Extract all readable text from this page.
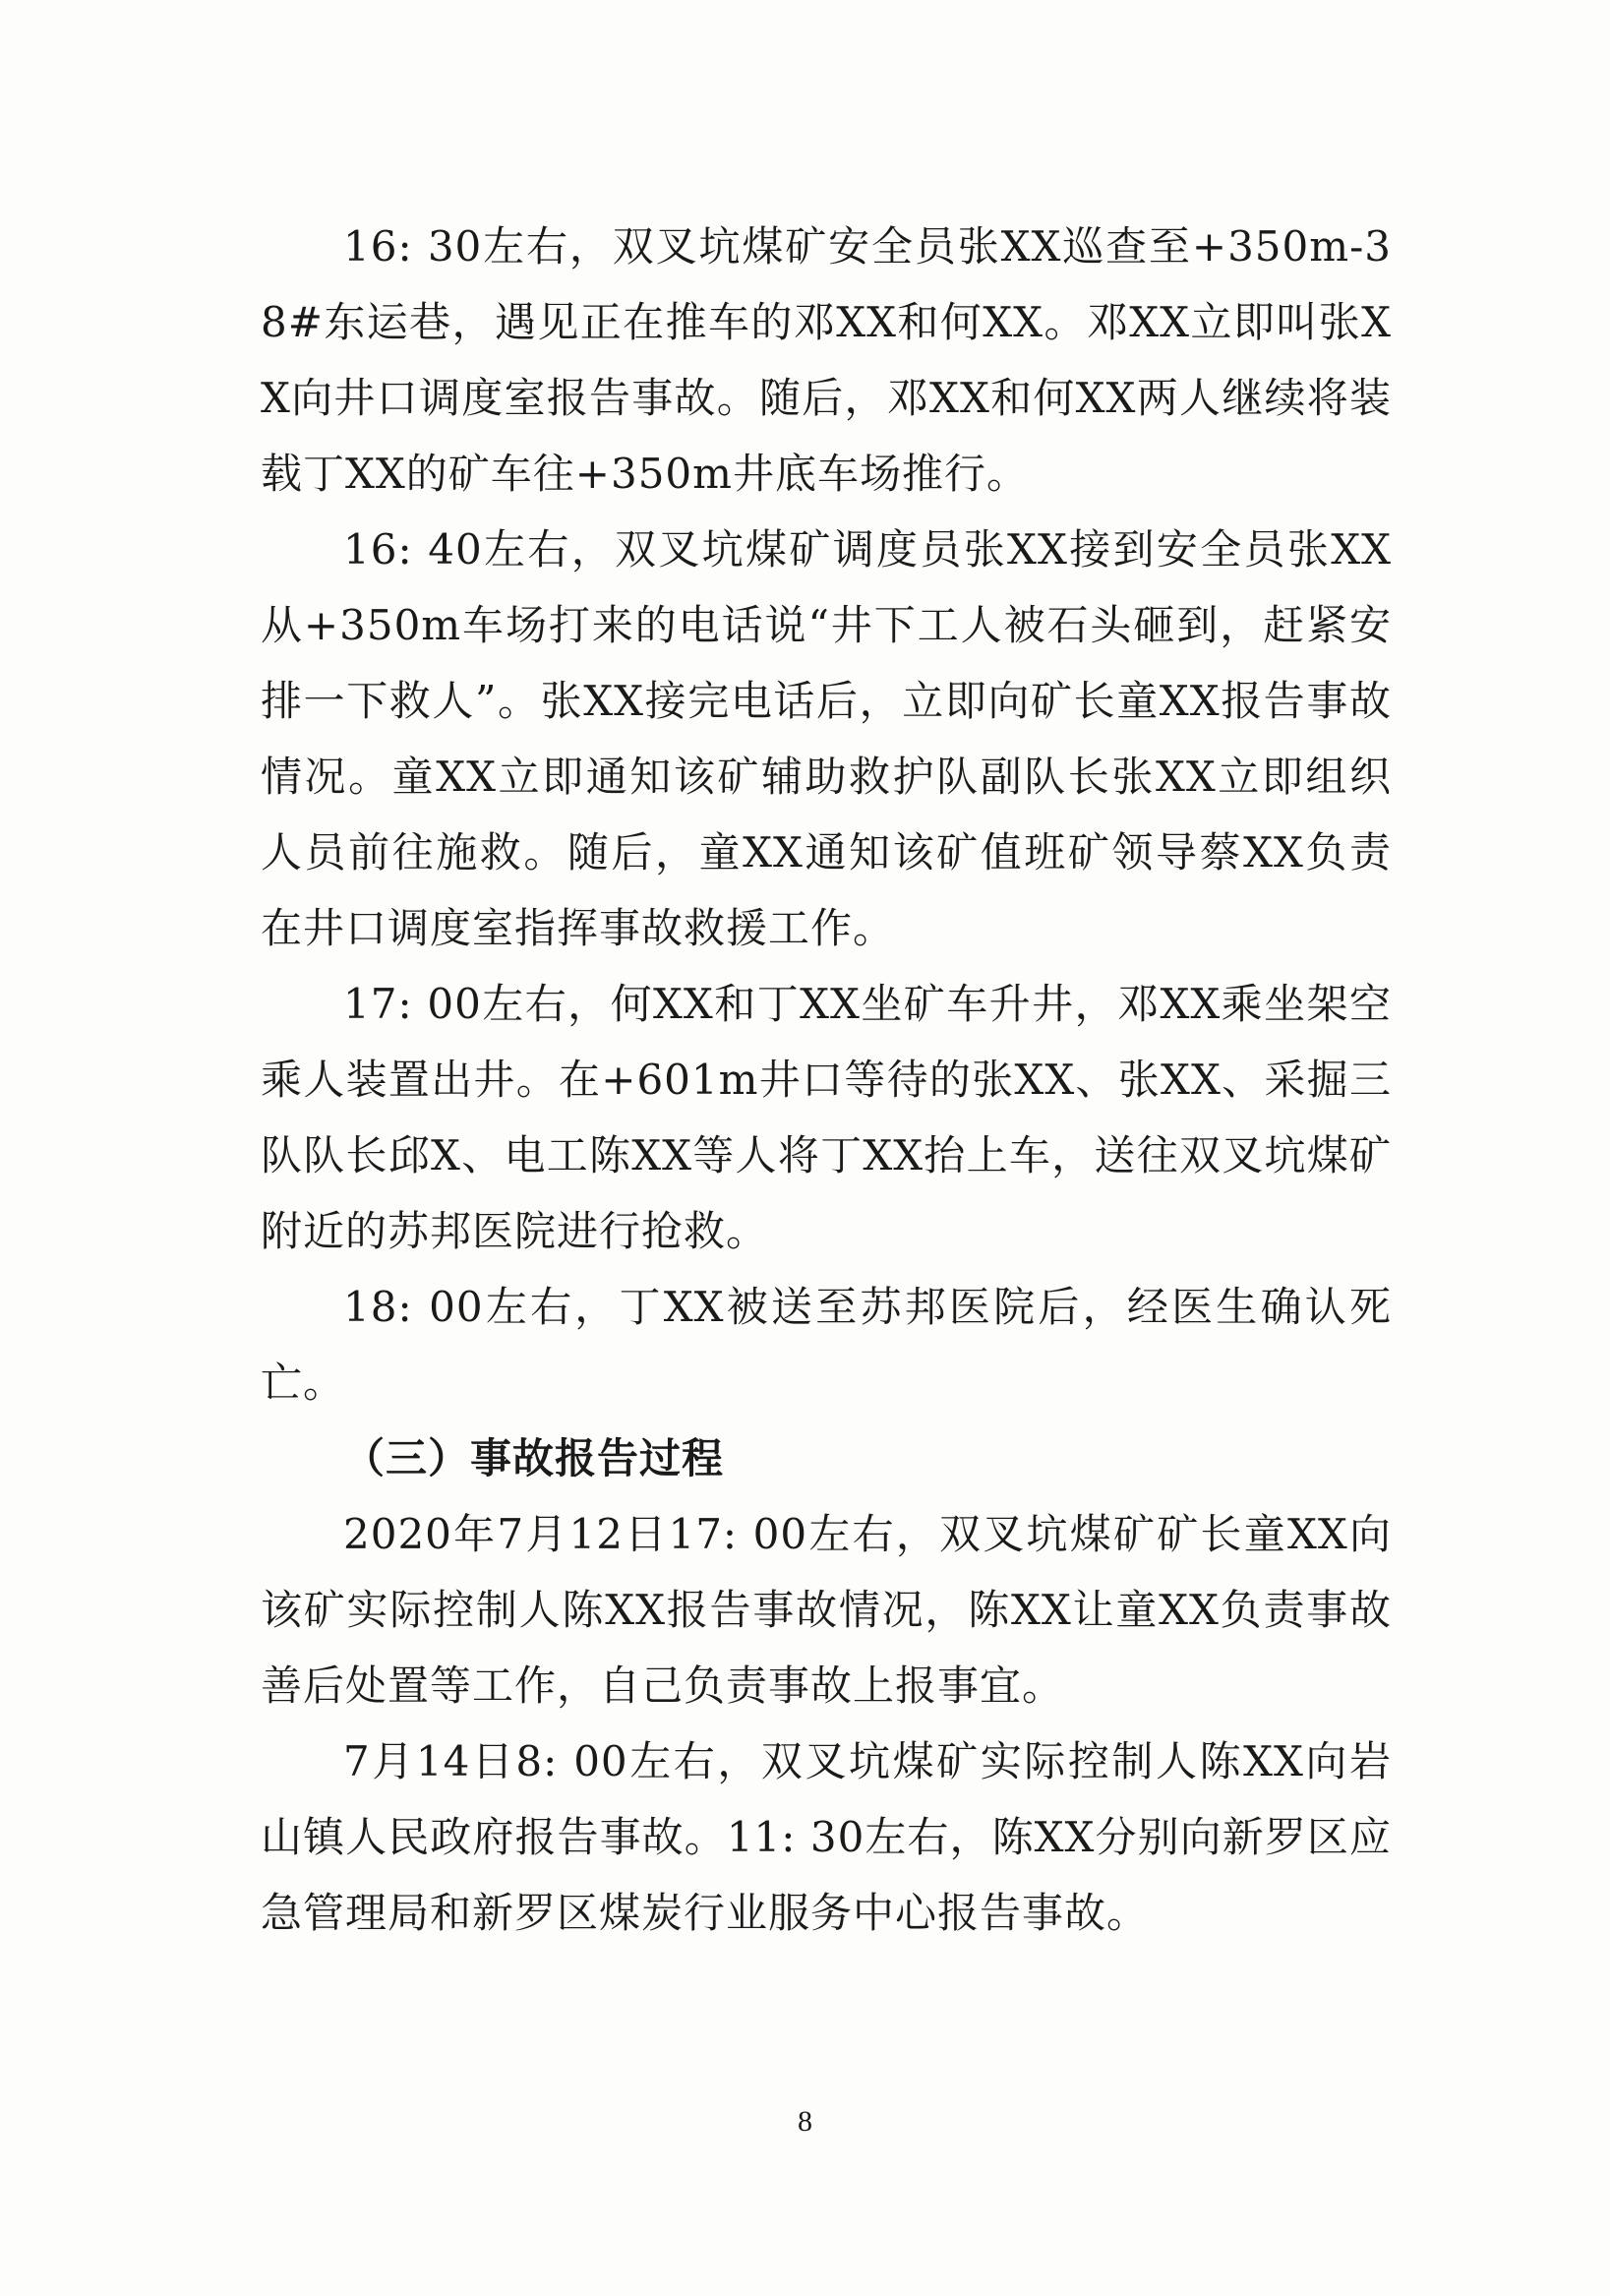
16: 30左右，双叉坑煤矿安全员张XX巡查至+350m-38#东运巷，遇见正在推车的邓XX和何XX。邓XX立即叫张XX向井口调度室报告事故。随后，邓XX和何XX两人继续将装载丁XX的矿车往+350m井底车场推行。

16: 40左右，双叉坑煤矿调度员张XX接到安全员张XX从+350m车场打来的电话说“井下工人被石头砸到，赶紧安排一下救人”。张XX接完电话后，立即向矿长童XX报告事故情况。童XX立即通知该矿辅助救护队副队长张XX立即组织人员前往施救。随后，童XX通知该矿值班矿领导蔡XX负责在井口调度室指挥事故救援工作。

17: 00左右，何XX和丁XX坐矿车升井，邓XX乘坐架空乘人装置出井。在+601m井口等待的张XX、张XX、采掘三队队长邱X、电工陈XX等人将丁XX抬上车，送往双叉坑煤矿附近的苏邦医院进行抢救。

18: 00左右，丁XX被送至苏邦医院后，经医生确认死亡。

（三）事故报告过程

2020年7月12日17: 00左右，双叉坑煤矿矿长童XX向该矿实际控制人陈XX报告事故情况，陈XX让童XX负责事故善后处置等工作，自己负责事故上报事宜。

7月14日8: 00左右，双叉坑煤矿实际控制人陈XX向岩山镇人民政府报告事故。11: 30左右，陈XX分别向新罗区应急管理局和新罗区煤炭行业服务中心报告事故。

8
